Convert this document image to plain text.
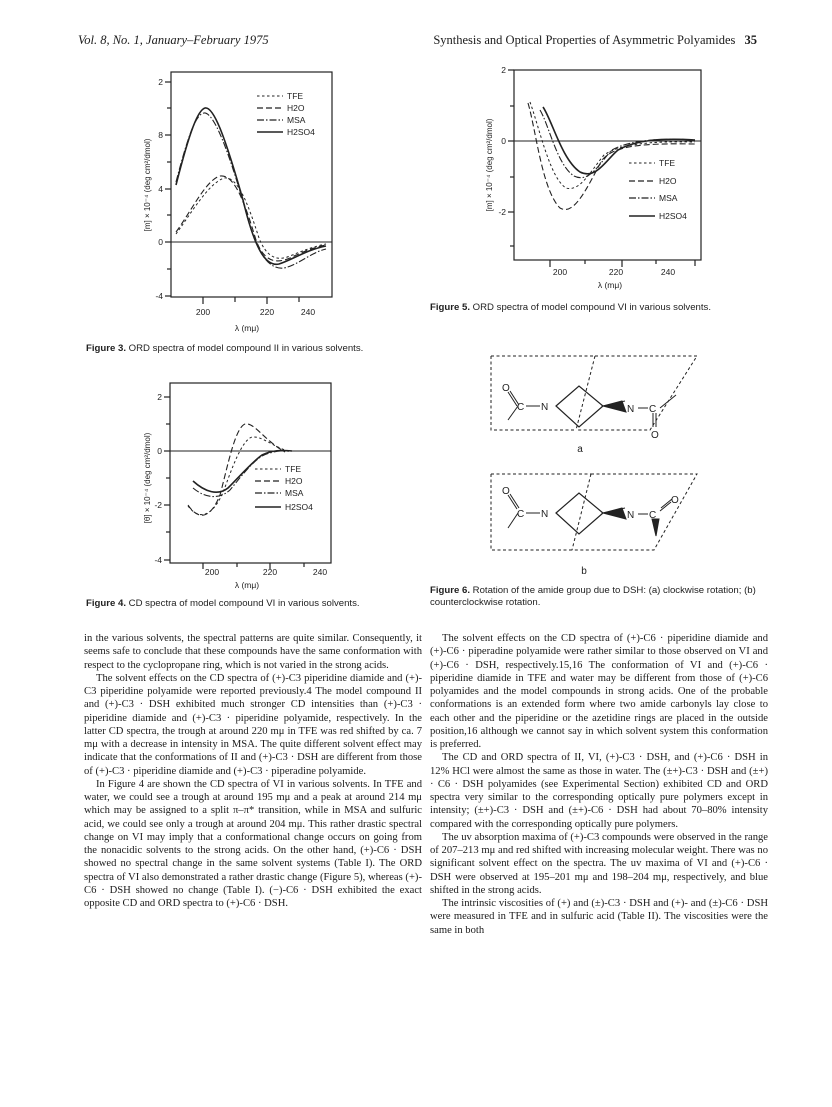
Vol. 8, No. 1, January–February 1975	Synthesis and Optical Properties of Asymmetric Polyamides 35
2
8
4
0
-4
200	220	240
λ (mμ)
[m] × 10⁻⁴ (deg cm²/dmol)
TFE
H2O
MSA
H2SO4
Figure 3. ORD spectra of model compound II in various solvents.
2
0
-2
-4
200	220	240
λ (mμ)
[θ] × 10⁻⁴ (deg cm²/dmol)	TFE
H2O
MSA
H2SO4
Figure 4. CD spectra of model compound VI in various solvents.
2
0
-2
200	220	240
λ (mμ)
[m] × 10⁻⁴ (deg cm²/dmol)	TFE
H2O
MSA
H2SO4
Figure 5. ORD spectra of model compound VI in various solvents.
O
C N	N C
O
a
O
C N	N C
O
b
Figure 6. Rotation of the amide group due to DSH: (a) clockwise rotation; (b) counterclockwise rotation.

in the various solvents, the spectral patterns are quite similar. Consequently, it seems safe to conclude that these compounds have the same conformation with respect to the cyclopropane ring, which is not varied in the strong acids.

The solvent effects on the CD spectra of (+)-C3 piperidine diamide and (+)-C3 piperidine polyamide were reported previously.4 The model compound II and (+)-C3 · DSH exhibited much stronger CD intensities than (+)-C3 · piperidine diamide and (+)-C3 · piperidine polyamide, respectively. In the latter CD spectra, the trough at around 220 mμ in TFE was red shifted by ca. 7 mμ with a decrease in intensity in MSA. The quite different solvent effect may indicate that the conformations of II and (+)-C3 · DSH are different from those of (+)-C3 · piperidine diamide and (+)-C3 · piperadine polyamide.

In Figure 4 are shown the CD spectra of VI in various solvents. In TFE and water, we could see a trough at around 195 mμ and a peak at around 214 mμ which may be assigned to a split π–π* transition, while in MSA and sulfuric acid, we could see only a trough at around 204 mμ. This rather drastic spectral change on VI may imply that a conformational change occurs on going from the nonacidic solvents to the strong acids. On the other hand, (+)-C6 · DSH showed no spectral change in the same solvent systems (Table I). The ORD spectra of VI also demonstrated a rather drastic change (Figure 5), whereas (+)-C6 · DSH showed no change (Table I). (−)-C6 · DSH exhibited the exact opposite CD and ORD spectra to (+)-C6 · DSH.

The solvent effects on the CD spectra of (+)-C6 · piperidine diamide and (+)-C6 · piperadine polyamide were rather similar to those observed on VI and (+)-C6 · DSH, respectively.15,16 The conformation of VI and (+)-C6 · piperidine diamide in TFE and water may be different from those of (+)-C6 polyamides and the model compounds in strong acids. One of the probable conformations is an extended form where two amide carbonyls lay close to each other and the piperidine or the azetidine rings are placed in the outside position,16 although we cannot say in which solvent system this conformation is preferred.

The CD and ORD spectra of II, VI, (+)-C3 · DSH, and (+)-C6 · DSH in 12% HCl were almost the same as those in water. The (±+)-C3 · DSH and (±+) · C6 · DSH polyamides (see Experimental Section) exhibited CD and ORD spectra very similar to the corresponding optically pure polymers except in intensity; (±+)-C3 · DSH and (±+)-C6 · DSH had about 70–80% intensity compared with the corresponding optically pure polymers.

The uv absorption maxima of (+)-C3 compounds were observed in the range of 207–213 mμ and red shifted with increasing molecular weight. There was no significant solvent effect on the spectra. The uv maxima of VI and (+)-C6 · DSH were observed at 195–201 mμ and 198–204 mμ, respectively, and blue shifted in the strong acids.

The intrinsic viscosities of (+) and (±)-C3 · DSH and (+)- and (±)-C6 · DSH were measured in TFE and in sulfuric acid (Table II). The viscosities were the same in both
